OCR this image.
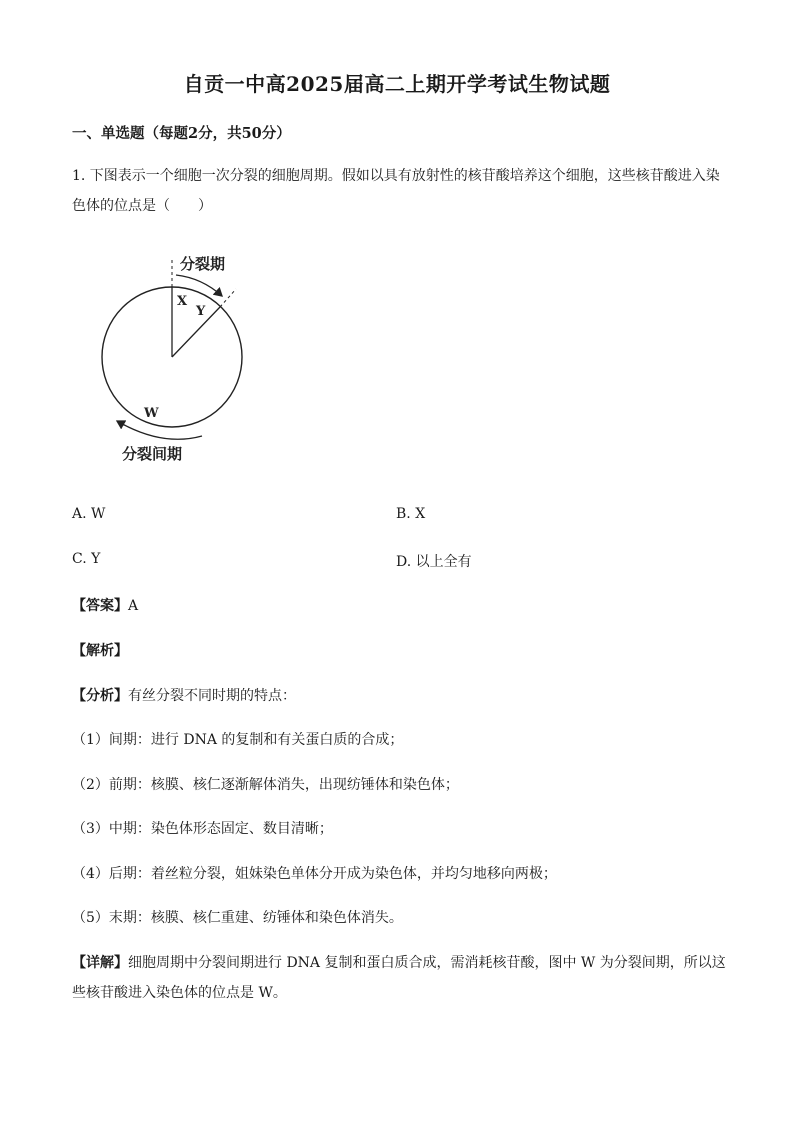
自贡一中高2025届高二上期开学考试生物试题
一、单选题（每题2分，共50分）
1. 下图表示一个细胞一次分裂的细胞周期。假如以具有放射性的核苷酸培养这个细胞，这些核苷酸进入染
色体的位点是（　　）
分裂期
X
Y
W
分裂间期
A. W	B. X
C. Y	D. 以上全有
【答案】A
【解析】
【分析】有丝分裂不同时期的特点：
（1）间期：进行 DNA 的复制和有关蛋白质的合成；
（2）前期：核膜、核仁逐渐解体消失，出现纺锤体和染色体；
（3）中期：染色体形态固定、数目清晰；
（4）后期：着丝粒分裂，姐妹染色单体分开成为染色体，并均匀地移向两极；
（5）末期：核膜、核仁重建、纺锤体和染色体消失。
【详解】细胞周期中分裂间期进行 DNA 复制和蛋白质合成，需消耗核苷酸，图中 W 为分裂间期，所以这
些核苷酸进入染色体的位点是 W。
